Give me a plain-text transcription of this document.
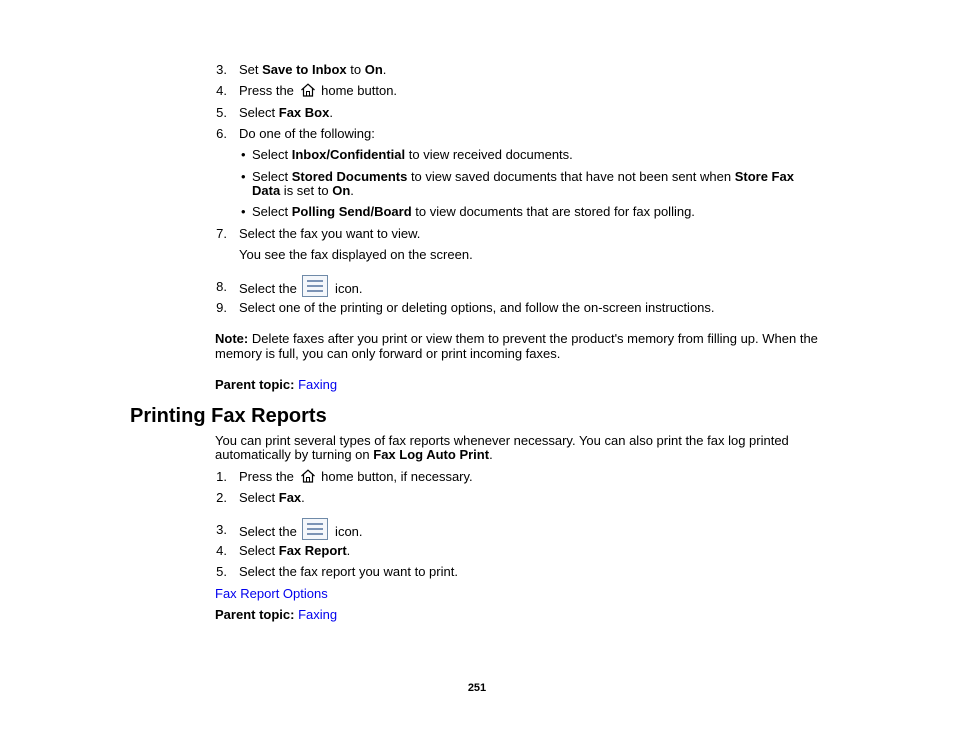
3. Set Save to Inbox to On.
4. Press the  home button.
5. Select Fax Box.
6. Do one of the following:
• Select Inbox/Confidential to view received documents.
• Select Stored Documents to view saved documents that have not been sent when Store Fax
Data is set to On.
• Select Polling Send/Board to view documents that are stored for fax polling.
7. Select the fax you want to view.
You see the fax displayed on the screen.
8. Select the
icon.
9. Select one of the printing or deleting options, and follow the on-screen instructions.
Note: Delete faxes after you print or view them to prevent the product's memory from filling up. When the
memory is full, you can only forward or print incoming faxes.
Parent topic: Faxing
Printing Fax Reports
You can print several types of fax reports whenever necessary. You can also print the fax log printed
automatically by turning on Fax Log Auto Print.
1. Press the  home button, if necessary.
2. Select Fax.
3. Select the
icon.
4. Select Fax Report.
5. Select the fax report you want to print.
Fax Report Options
Parent topic: Faxing
251
